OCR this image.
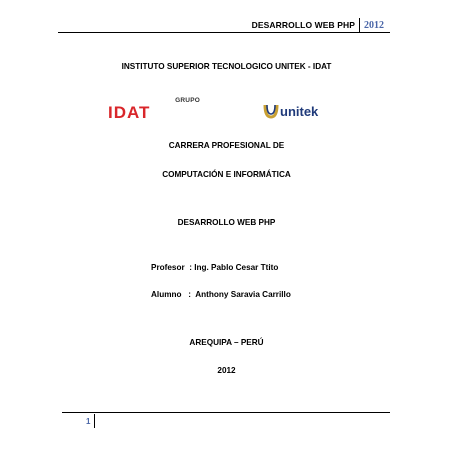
DESARROLLO WEB PHP 2012
INSTITUTO SUPERIOR TECNOLOGICO UNITEK - IDAT
GRUPO
IDAT	unitek
CARRERA PROFESIONAL DE
COMPUTACIÓN E INFORMÁTICA
DESARROLLO WEB PHP
Profesor  : Ing. Pablo Cesar Ttito
Alumno   :  Anthony Saravia Carrillo
AREQUIPA – PERÚ
2012
1
